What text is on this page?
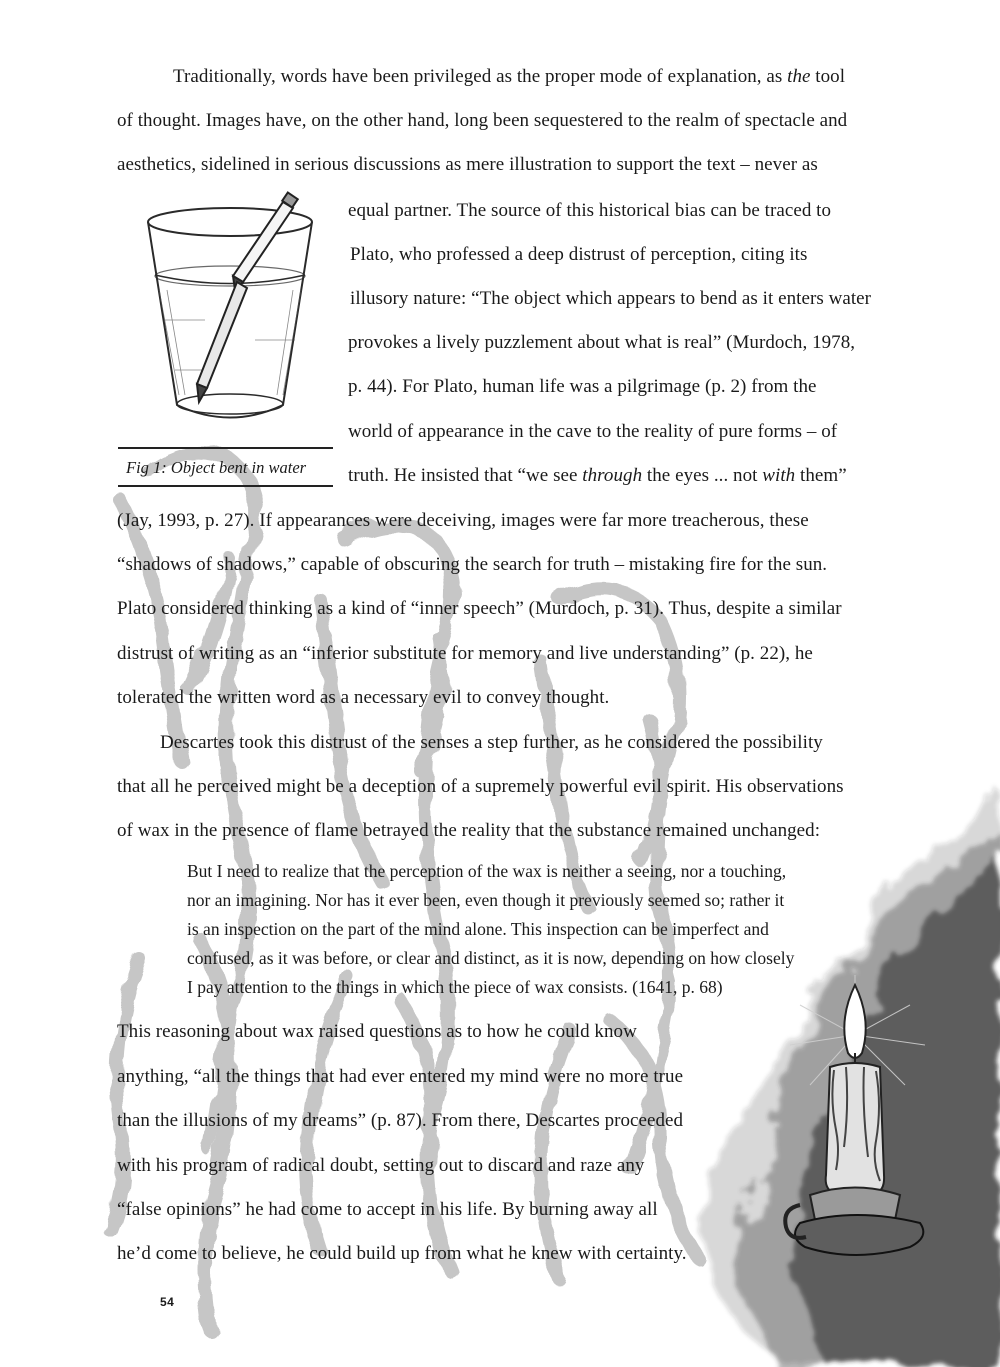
Traditionally, words have been privileged as the proper mode of explanation, as the tool
of thought. Images have, on the other hand, long been sequestered to the realm of spectacle and
aesthetics, sidelined in serious discussions as mere illustration to support the text – never as
equal partner. The source of this historical bias can be traced to
Plato, who professed a deep distrust of perception, citing its
illusory nature: “The object which appears to bend as it enters water
provokes a lively puzzlement about what is real” (Murdoch, 1978,
p. 44). For Plato, human life was a pilgrimage (p. 2) from the
world of appearance in the cave to the reality of pure forms – of
truth. He insisted that “we see through the eyes ... not with them”
(Jay, 1993, p. 27). If appearances were deceiving, images were far more treacherous, these
“shadows of shadows,” capable of obscuring the search for truth – mistaking fire for the sun.
Plato considered thinking as a kind of “inner speech” (Murdoch, p. 31). Thus, despite a similar
distrust of writing as an “inferior substitute for memory and live understanding” (p. 22), he
tolerated the written word as a necessary evil to convey thought.
Fig 1: Object bent in water
Descartes took this distrust of the senses a step further, as he considered the possibility
that all he perceived might be a deception of a supremely powerful evil spirit. His observations
of wax in the presence of flame betrayed the reality that the substance remained unchanged:
But I need to realize that the perception of the wax is neither a seeing, nor a touching,
nor an imagining. Nor has it ever been, even though it previously seemed so; rather it
is an inspection on the part of the mind alone. This inspection can be imperfect and
confused, as it was before, or clear and distinct, as it is now, depending on how closely
I pay attention to the things in which the piece of wax consists. (1641, p. 68)
This reasoning about wax raised questions as to how he could know
anything, “all the things that had ever entered my mind were no more true
than the illusions of my dreams” (p. 87). From there, Descartes proceeded
with his program of radical doubt, setting out to discard and raze any
“false opinions” he had come to accept in his life. By burning away all
he’d come to believe, he could build up from what he knew with certainty.
54
